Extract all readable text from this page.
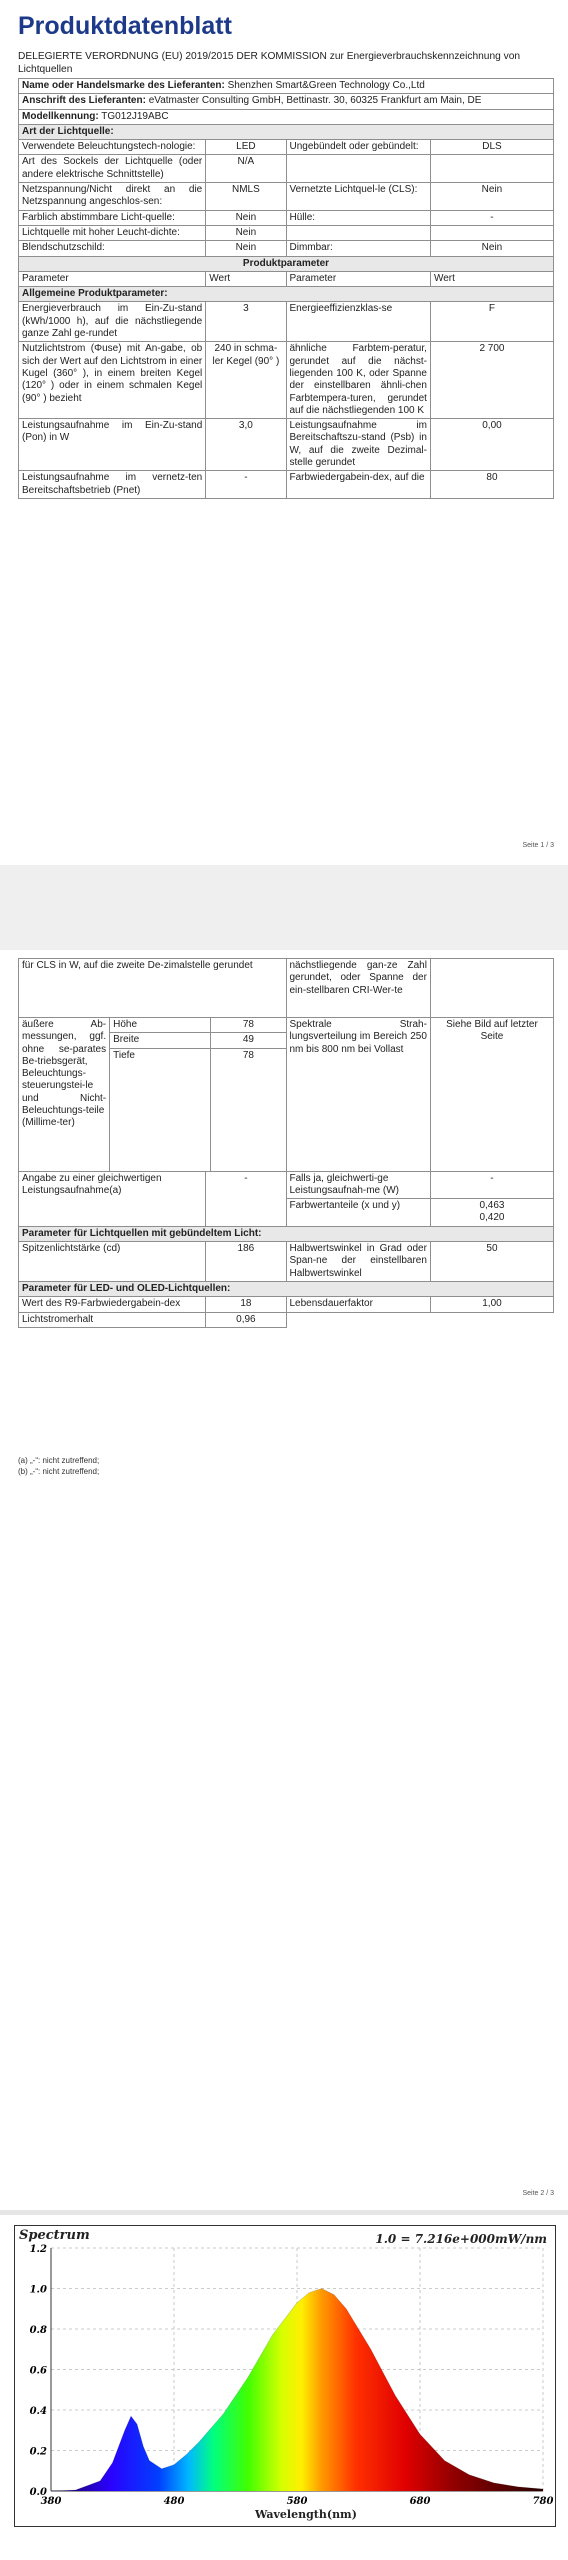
Produktdatenblatt
DELEGIERTE VERORDNUNG (EU) 2019/2015 DER KOMMISSION zur Energieverbrauchskennzeichnung von Lichtquellen
Name oder Handelsmarke des Lieferanten: Shenzhen Smart&Green Technology Co.,Ltd			
Anschrift des Lieferanten: eVatmaster Consulting GmbH, Bettinastr. 30, 60325 Frankfurt am Main, DE			
Modellkennung: TG012J19ABC			
Art der Lichtquelle:			
Verwendete Beleuchtungstech-nologie:	LED	Ungebündelt oder gebündelt:	DLS
Art des Sockels der Lichtquelle (oder andere elektrische Schnittstelle)	N/A		
Netzspannung/Nicht direkt an die Netzspannung angeschlos-sen:	NMLS	Vernetzte Lichtquel-le (CLS):	Nein
Farblich abstimmbare Licht-quelle:	Nein	Hülle:	-
Lichtquelle mit hoher Leucht-dichte:	Nein		
Blendschutzschild:	Nein	Dimmbar:	Nein
Produktparameter			
Parameter	Wert	Parameter	Wert
Allgemeine Produktparameter:			
Energieverbrauch im Ein-Zu-stand (kWh/1000 h), auf die nächstliegende ganze Zahl ge-rundet	3	Energieeffizienzklas-se	F
Nutzlichtstrom (Φuse) mit An-gabe, ob sich der Wert auf den Lichtstrom in einer Kugel (360° ), in einem breiten Kegel (120° ) oder in einem schmalen Kegel (90° ) bezieht	240 in schma-ler Kegel (90° )	ähnliche Farbtem-peratur, gerundet auf die nächst-liegenden 100 K, oder Spanne der einstellbaren ähnli-chen Farbtempera-turen, gerundet auf die nächstliegenden 100 K	2 700
Leistungsaufnahme im Ein-Zu-stand (Pon) in W	3,0	Leistungsaufnahme im Bereitschaftszu-stand (Psb) in W, auf die zweite Dezimal-stelle gerundet	0,00
Leistungsaufnahme im vernetz-ten Bereitschaftsbetrieb (Pnet)	-	Farbwiedergabein-dex, auf die	80
Seite 1 / 3
für CLS in W, auf die zweite De-zimalstelle gerundet	nächstliegende gan-ze Zahl gerundet, oder Spanne der ein-stellbaren CRI-Wer-te	

äußere Ab-messungen, ggf. ohne se-parates Be-triebsgerät, Beleuchtungs-steuerungstei-le und Nicht-Beleuchtungs-teile (Millime-ter)	Höhe	78
Breite	49
Tiefe	78
	Spektrale Strah-lungsverteilung im Bereich 250 nm bis 800 nm bei Vollast	Siehe Bild auf letzter Seite
Angabe zu einer gleichwertigen Leistungsaufnahme(a)	-	Falls ja, gleichwerti-ge Leistungsaufnah-me (W)	-
Farbwertanteile (x und y)	0,463
0,420

Parameter für Lichtquellen mit gebündeltem Licht:
Spitzenlichtstärke (cd)	186	Halbwertswinkel in Grad oder Span-ne der einstellbaren Halbwertswinkel	50
Parameter für LED- und OLED-Lichtquellen:
Wert des R9-Farbwiedergabein-dex	18	Lebensdauerfaktor	1,00
Lichtstromerhalt	0,96		
(a) „-“: nicht zutreffend;
(b) „-“: nicht zutreffend;
Seite 2 / 3
Spectrum	1.0 = 7.216e+000mW/nm
0.0
0.2
0.4
0.6
0.8
1.0
1.2
380	480	580	680	780
Wavelength(nm)
